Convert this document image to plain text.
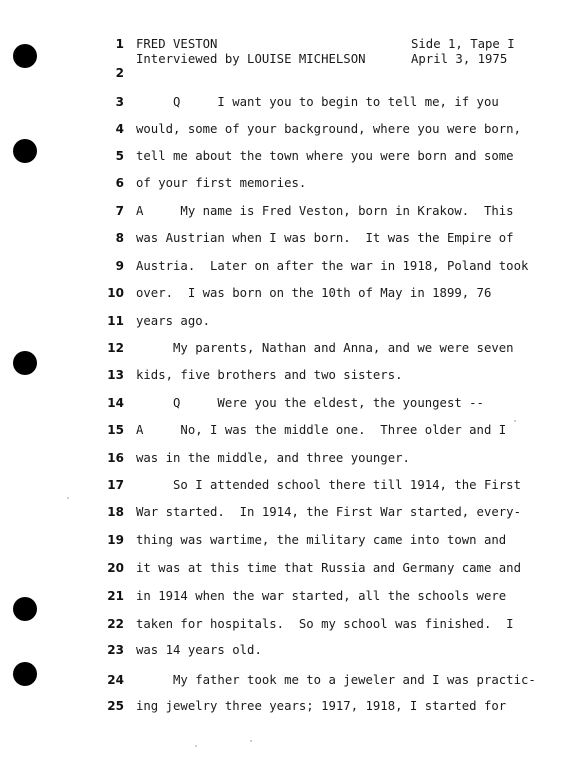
FRED VESTON	Side 1, Tape I
Interviewed by LOUISE MICHELSON	April 3, 1975
1
2
3
4
5
6
7
8
9
10
11
12
13
14
15
16
17
18
19
20
21
22
23
24
25
Q     I want you to begin to tell me, if you
would, some of your background, where you were born,
tell me about the town where you were born and some
of your first memories.
A     My name is Fred Veston, born in Krakow.  This
was Austrian when I was born.  It was the Empire of
Austria.  Later on after the war in 1918, Poland took
over.  I was born on the 10th of May in 1899, 76
years ago.
My parents, Nathan and Anna, and we were seven
kids, five brothers and two sisters.
Q     Were you the eldest, the youngest --
A     No, I was the middle one.  Three older and I
was in the middle, and three younger.
So I attended school there till 1914, the First
War started.  In 1914, the First War started, every-
thing was wartime, the military came into town and
it was at this time that Russia and Germany came and
in 1914 when the war started, all the schools were
taken for hospitals.  So my school was finished.  I
was 14 years old.
My father took me to a jeweler and I was practic-
ing jewelry three years; 1917, 1918, I started for
